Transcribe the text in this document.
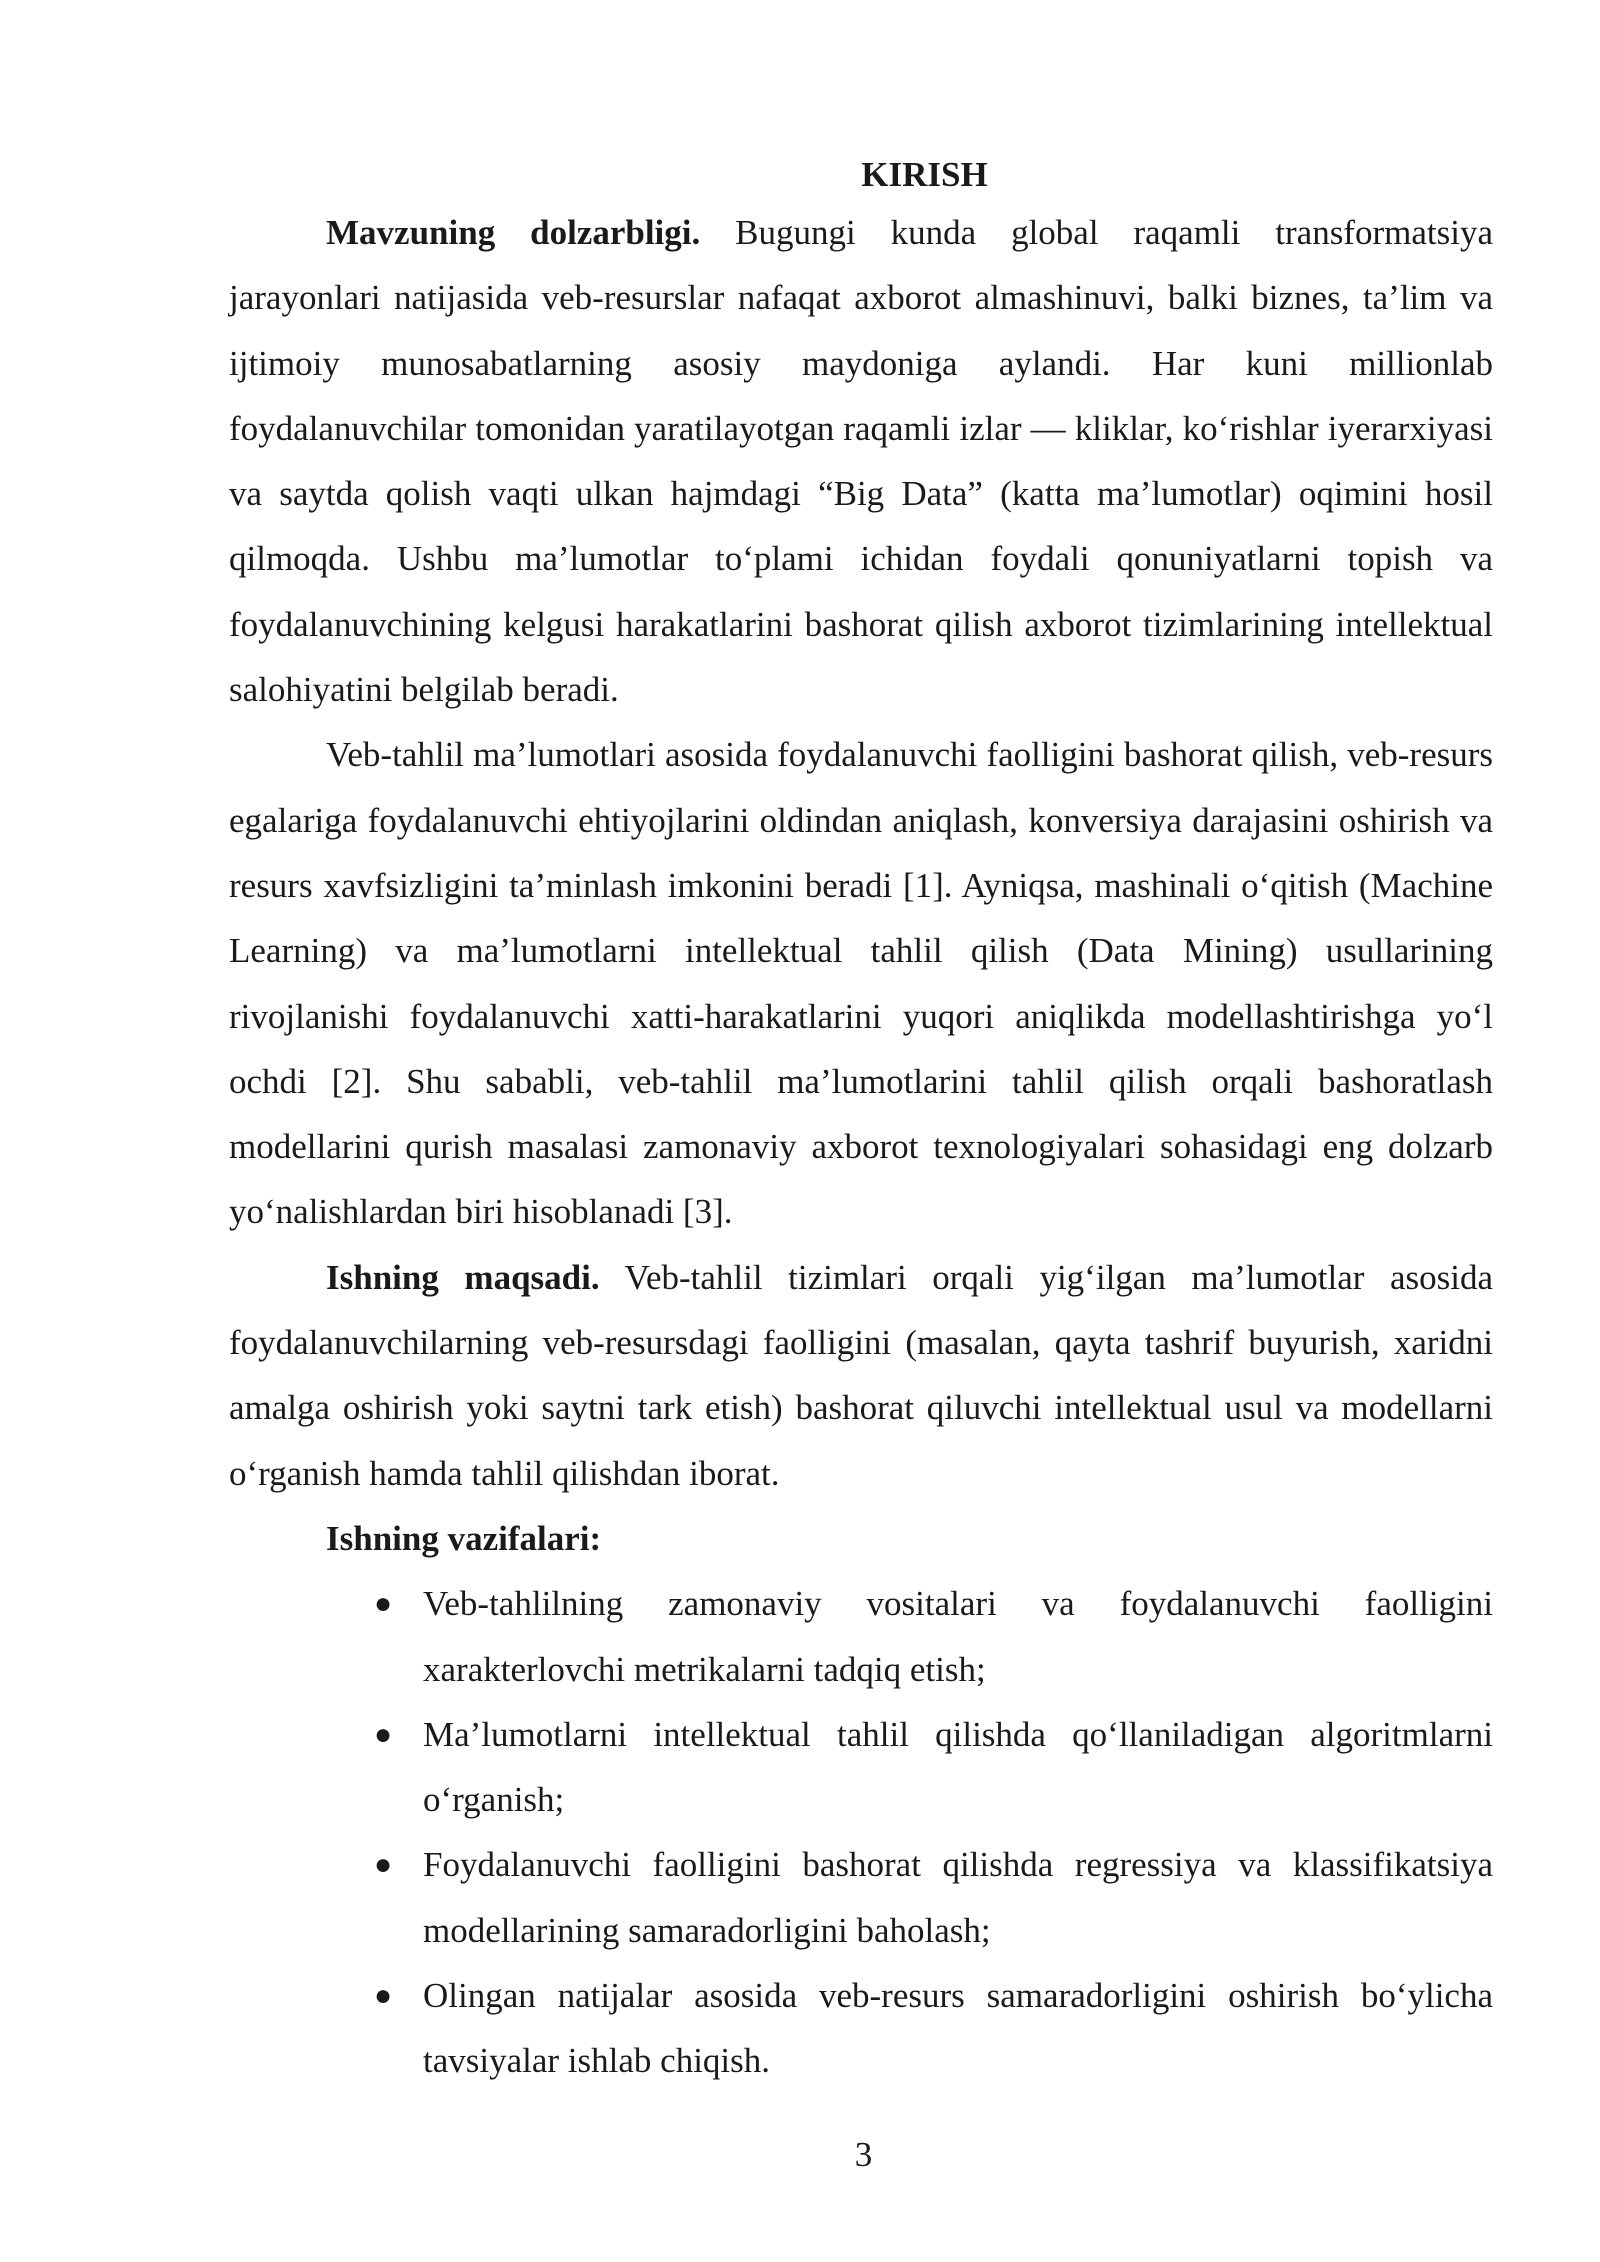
KIRISH

Mavzuning dolzarbligi. Bugungi kunda global raqamli transformatsiya jarayonlari natijasida veb-resurslar nafaqat axborot almashinuvi, balki biznes, ta’lim va ijtimoiy munosabatlarning asosiy maydoniga aylandi. Har kuni millionlab foydalanuvchilar tomonidan yaratilayotgan raqamli izlar — kliklar, ko‘rishlar iyerarxiyasi va saytda qolish vaqti ulkan hajmdagi “Big Data” (katta ma’lumotlar) oqimini hosil qilmoqda. Ushbu ma’lumotlar to‘plami ichidan foydali qonuniyatlarni topish va foydalanuvchining kelgusi harakatlarini bashorat qilish axborot tizimlarining intellektual salohiyatini belgilab beradi.

Veb-tahlil ma’lumotlari asosida foydalanuvchi faolligini bashorat qilish, veb-resurs egalariga foydalanuvchi ehtiyojlarini oldindan aniqlash, konversiya darajasini oshirish va resurs xavfsizligini ta’minlash imkonini beradi [1]. Ayniqsa, mashinali o‘qitish (Machine Learning) va ma’lumotlarni intellektual tahlil qilish (Data Mining) usullarining rivojlanishi foydalanuvchi xatti-harakatlarini yuqori aniqlikda modellashtirishga yo‘l ochdi [2]. Shu sababli, veb-tahlil ma’lumotlarini tahlil qilish orqali bashoratlash modellarini qurish masalasi zamonaviy axborot texnologiyalari sohasidagi eng dolzarb yo‘nalishlardan biri hisoblanadi [3].

Ishning maqsadi. Veb-tahlil tizimlari orqali yig‘ilgan ma’lumotlar asosida foydalanuvchilarning veb-resursdagi faolligini (masalan, qayta tashrif buyurish, xaridni amalga oshirish yoki saytni tark etish) bashorat qiluvchi intellektual usul va modellarni o‘rganish hamda tahlil qilishdan iborat.

Ishning vazifalari:
● Veb-tahlilning zamonaviy vositalari va foydalanuvchi faolligini xarakterlovchi metrikalarni tadqiq etish;
● Ma’lumotlarni intellektual tahlil qilishda qo‘llaniladigan algoritmlarni o‘rganish;
● Foydalanuvchi faolligini bashorat qilishda regressiya va klassifikatsiya modellarining samaradorligini baholash;
● Olingan natijalar asosida veb-resurs samaradorligini oshirish bo‘ylicha tavsiyalar ishlab chiqish.
3
